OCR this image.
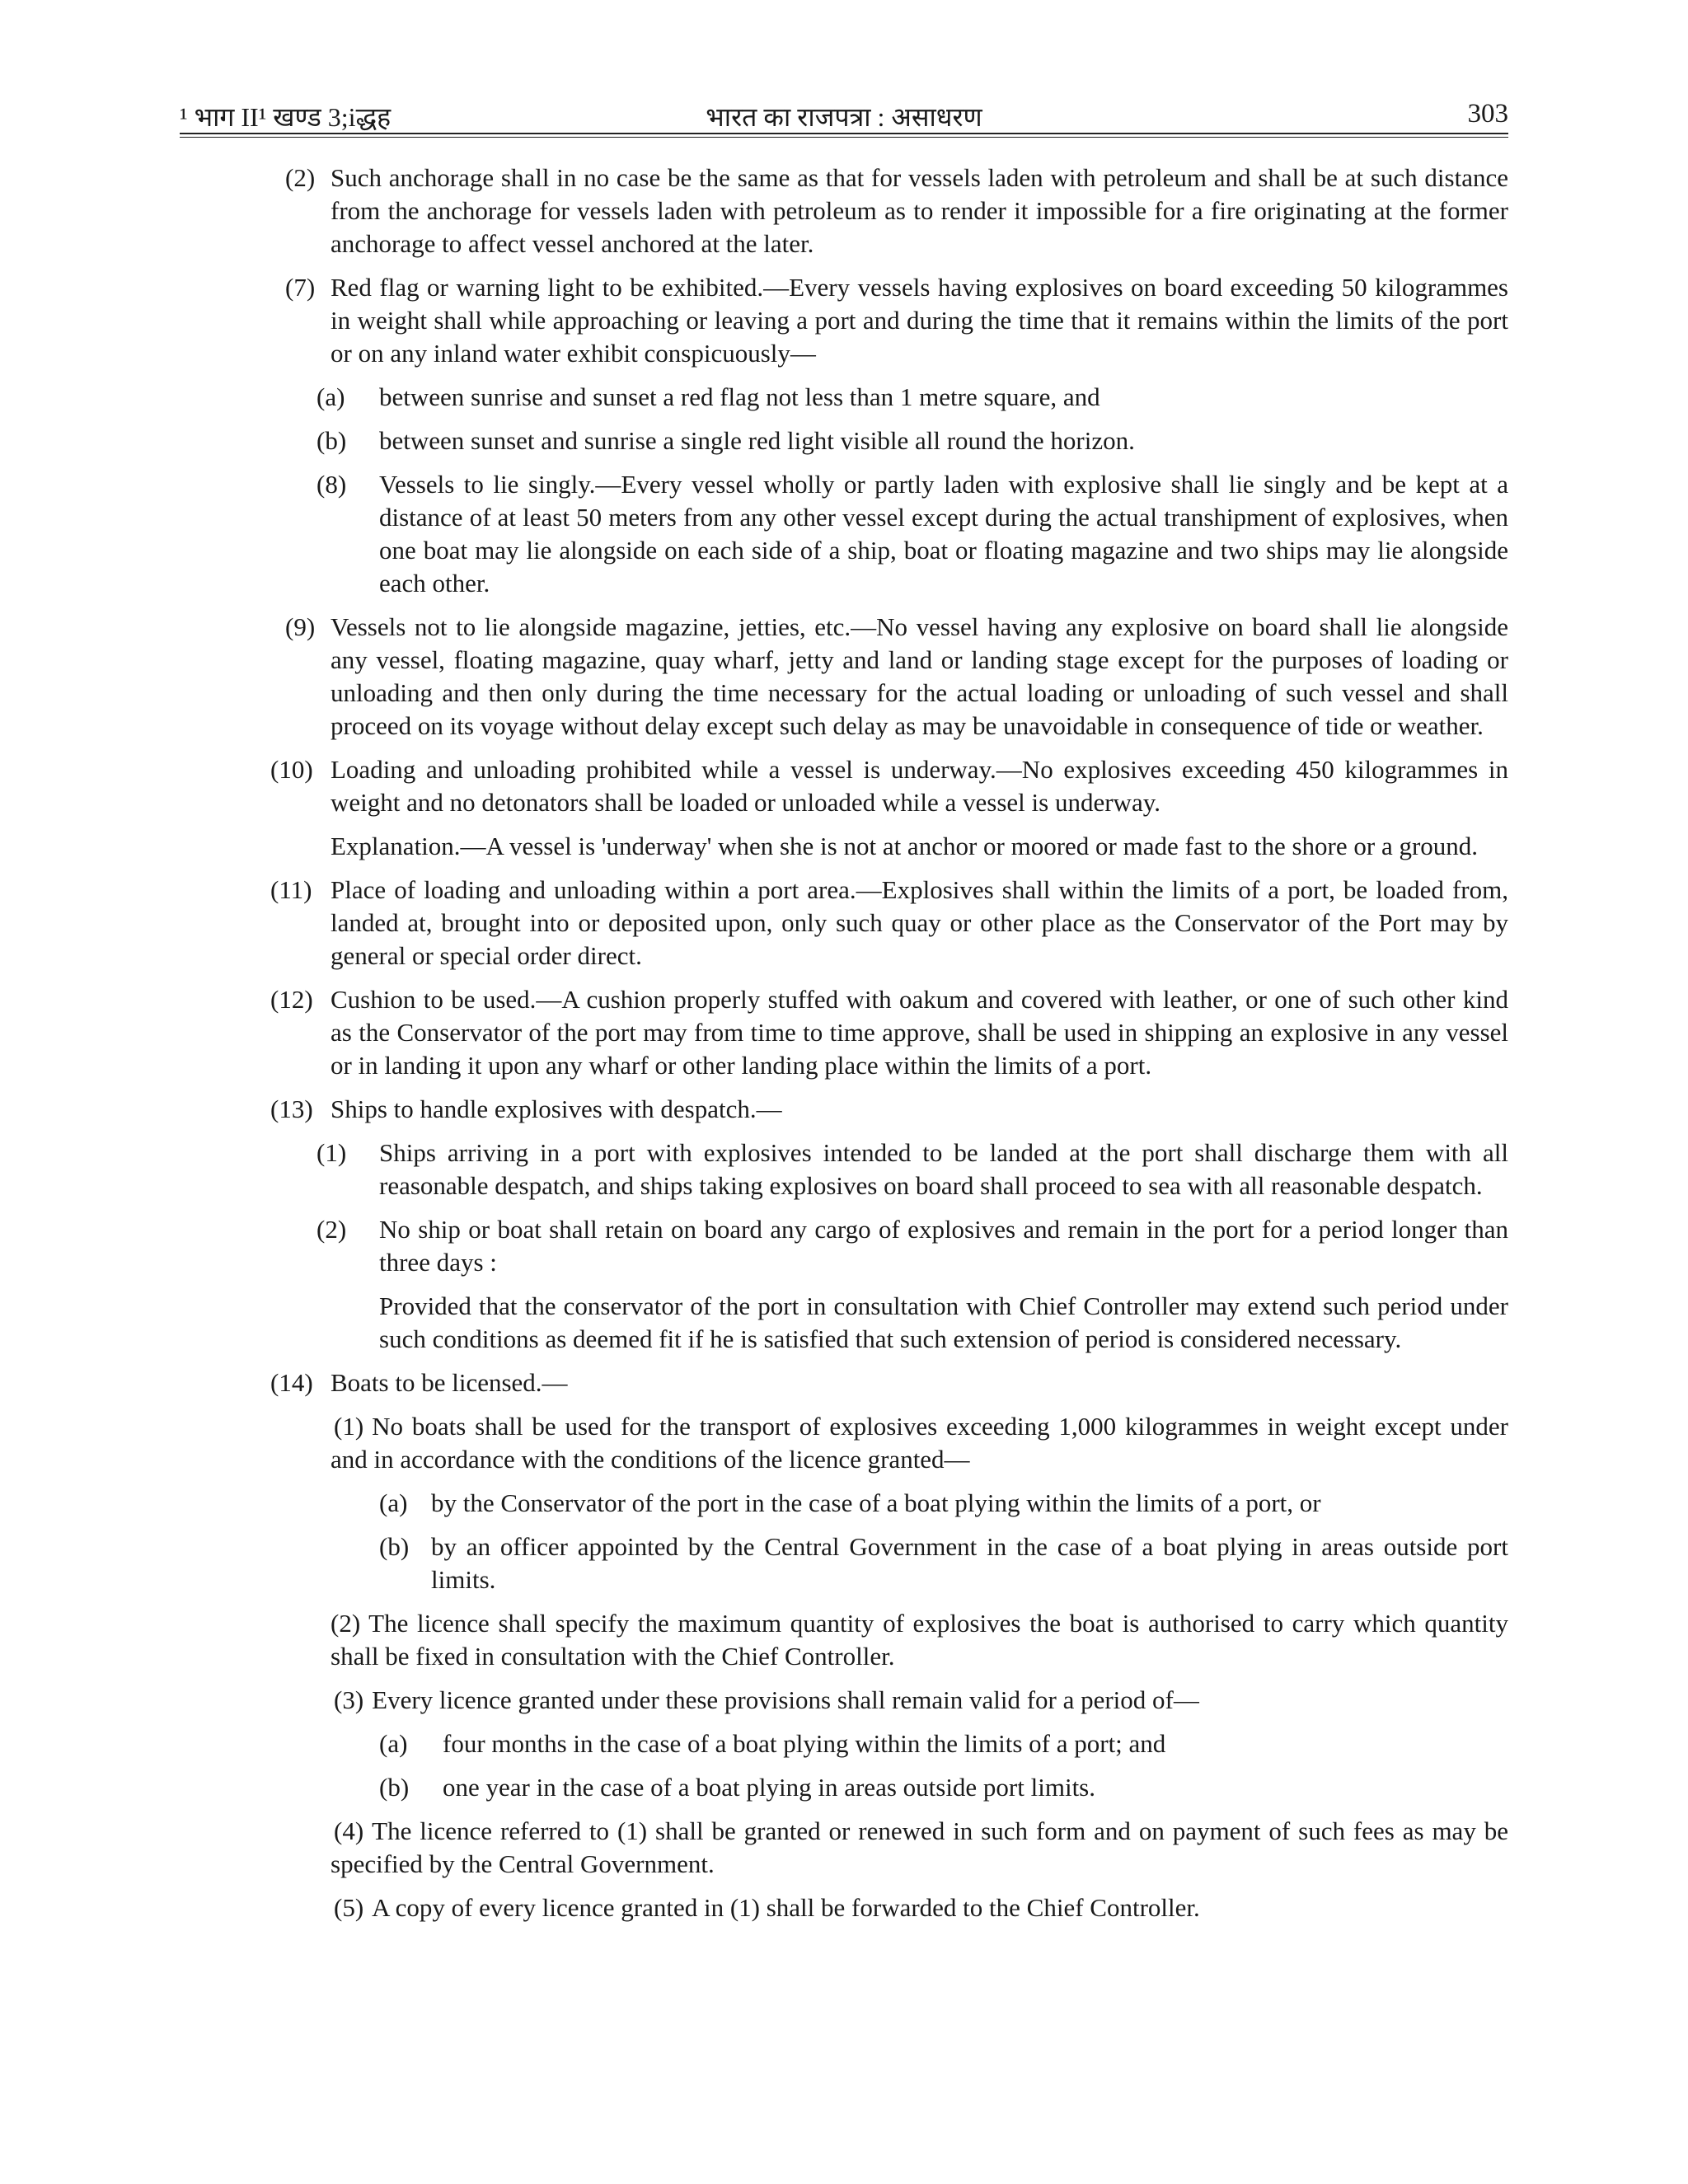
¹ भाग II¹ खण्ड 3;iद्धह	भारत का राजपत्रा : असाधरण	303
(2) Such anchorage shall in no case be the same as that for vessels laden with petroleum and shall be at such distance from the anchorage for vessels laden with petroleum as to render it impossible for a fire originating at the former anchorage to affect vessel anchored at the later.
(7) Red flag or warning light to be exhibited.—Every vessels having explosives on board exceeding 50 kilogrammes in weight shall while approaching or leaving a port and during the time that it remains within the limits of the port or on any inland water exhibit conspicuously—
(a) between sunrise and sunset a red flag not less than 1 metre square, and
(b) between sunset and sunrise a single red light visible all round the horizon.
(8) Vessels to lie singly.—Every vessel wholly or partly laden with explosive shall lie singly and be kept at a distance of at least 50 meters from any other vessel except during the actual transhipment of explosives, when one boat may lie alongside on each side of a ship, boat or floating magazine and two ships may lie alongside each other.
(9) Vessels not to lie alongside magazine, jetties, etc.—No vessel having any explosive on board shall lie alongside any vessel, floating magazine, quay wharf, jetty and land or landing stage except for the purposes of loading or unloading and then only during the time necessary for the actual loading or unloading of such vessel and shall proceed on its voyage without delay except such delay as may be unavoidable in consequence of tide or weather.
(10) Loading and unloading prohibited while a vessel is underway.—No explosives exceeding 450 kilogrammes in weight and no detonators shall be loaded or unloaded while a vessel is underway.
Explanation.—A vessel is 'underway' when she is not at anchor or moored or made fast to the shore or a ground.
(11) Place of loading and unloading within a port area.—Explosives shall within the limits of a port, be loaded from, landed at, brought into or deposited upon, only such quay or other place as the Conservator of the Port may by general or special order direct.
(12) Cushion to be used.—A cushion properly stuffed with oakum and covered with leather, or one of such other kind as the Conservator of the port may from time to time approve, shall be used in shipping an explosive in any vessel or in landing it upon any wharf or other landing place within the limits of a port.
(13) Ships to handle explosives with despatch.—
(1) Ships arriving in a port with explosives intended to be landed at the port shall discharge them with all reasonable despatch, and ships taking explosives on board shall proceed to sea with all reasonable despatch.
(2) No ship or boat shall retain on board any cargo of explosives and remain in the port for a period longer than three days :
Provided that the conservator of the port in consultation with Chief Controller may extend such period under such conditions as deemed fit if he is satisfied that such extension of period is considered necessary.
(14) Boats to be licensed.—
(1) No boats shall be used for the transport of explosives exceeding 1,000 kilogrammes in weight except under and in accordance with the conditions of the licence granted—
(a) by the Conservator of the port in the case of a boat plying within the limits of a port, or
(b) by an officer appointed by the Central Government in the case of a boat plying in areas outside port limits.
(2) The licence shall specify the maximum quantity of explosives the boat is authorised to carry which quantity shall be fixed in consultation with the Chief Controller.
(3) Every licence granted under these provisions shall remain valid for a period of—
(a) four months in the case of a boat plying within the limits of a port; and
(b) one year in the case of a boat plying in areas outside port limits.
(4) The licence referred to (1) shall be granted or renewed in such form and on payment of such fees as may be specified by the Central Government.
(5) A copy of every licence granted in (1) shall be forwarded to the Chief Controller.
